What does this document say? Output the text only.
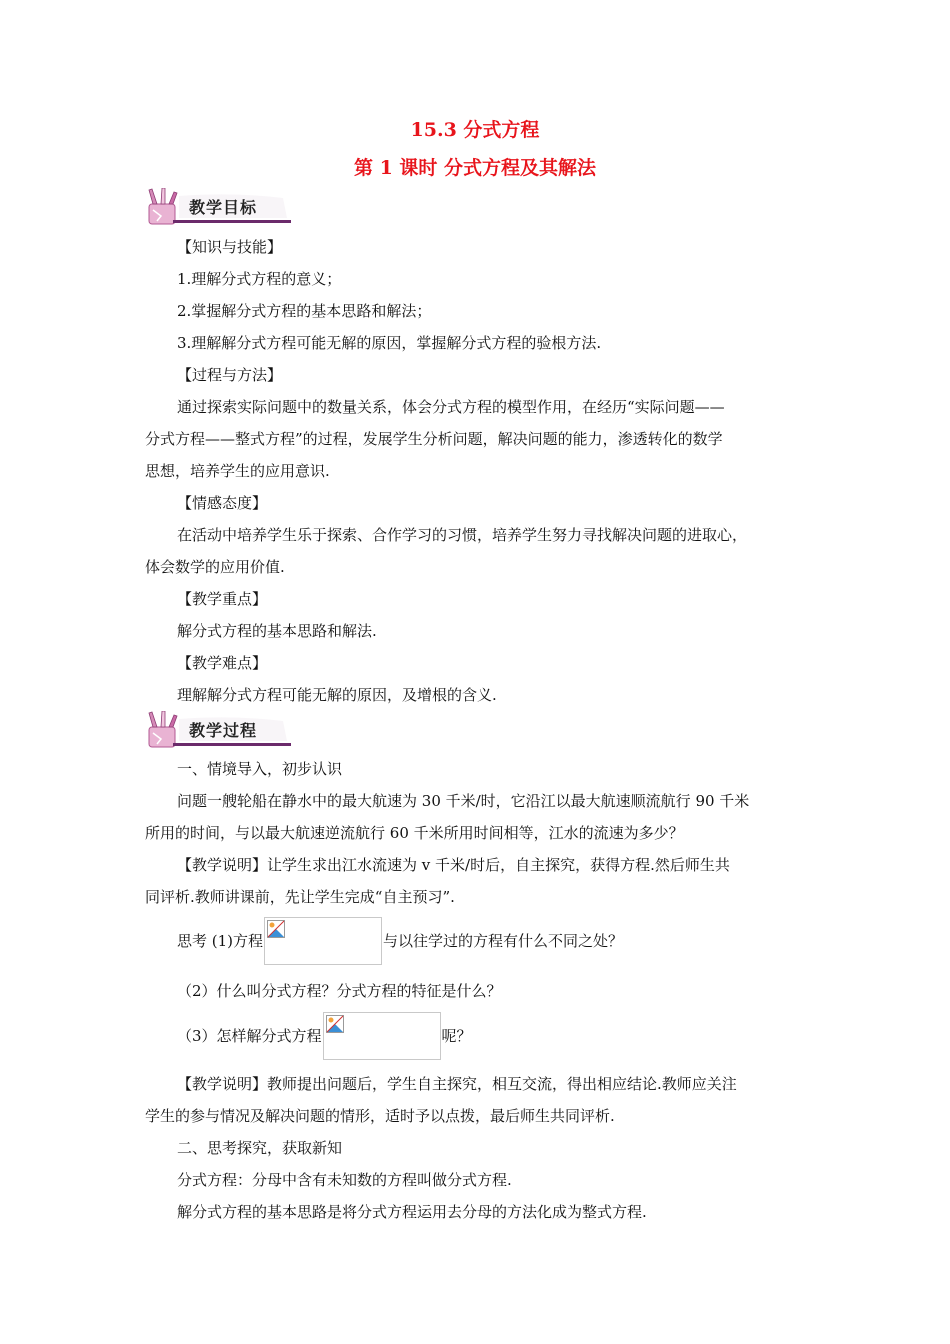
15.3 分式方程
第 1 课时 分式方程及其解法
教学目标
【知识与技能】
1.理解分式方程的意义；
2.掌握解分式方程的基本思路和解法；
3.理解解分式方程可能无解的原因，掌握解分式方程的验根方法.
【过程与方法】
通过探索实际问题中的数量关系，体会分式方程的模型作用，在经历“实际问题——
分式方程——整式方程”的过程，发展学生分析问题，解决问题的能力，渗透转化的数学
思想，培养学生的应用意识.
【情感态度】
在活动中培养学生乐于探索、合作学习的习惯，培养学生努力寻找解决问题的进取心，
体会数学的应用价值.
【教学重点】
解分式方程的基本思路和解法.
【教学难点】
理解解分式方程可能无解的原因，及增根的含义.
教学过程
一、情境导入，初步认识
问题一艘轮船在静水中的最大航速为 30 千米/时，它沿江以最大航速顺流航行 90 千米
所用的时间，与以最大航速逆流航行 60 千米所用时间相等，江水的流速为多少？
【教学说明】让学生求出江水流速为 v 千米/时后，自主探究，获得方程.然后师生共
同评析.教师讲课前，先让学生完成“自主预习”.
思考 (1)方程	与以往学过的方程有什么不同之处？
（2）什么叫分式方程？分式方程的特征是什么？
（3）怎样解分式方程	呢？
【教学说明】教师提出问题后，学生自主探究，相互交流，得出相应结论.教师应关注
学生的参与情况及解决问题的情形，适时予以点拨，最后师生共同评析.
二、思考探究，获取新知
分式方程：分母中含有未知数的方程叫做分式方程.
解分式方程的基本思路是将分式方程运用去分母的方法化成为整式方程.
